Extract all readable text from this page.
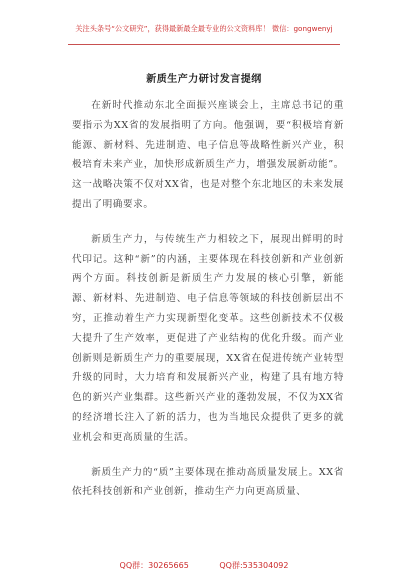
关注头条号“公文研究”，获得最新最全最专业的公文资料库！ 微信：gongwenyj
新质生产力研讨发言提纲

在新时代推动东北全面振兴座谈会上，主席总书记的重要指示为XX省的发展指明了方向。他强调，要“积极培育新能源、新材料、先进制造、电子信息等战略性新兴产业，积极培育未来产业，加快形成新质生产力，增强发展新动能”。这一战略决策不仅对XX省，也是对整个东北地区的未来发展提出了明确要求。

新质生产力，与传统生产力相较之下，展现出鲜明的时代印记。这种“新”的内涵，主要体现在科技创新和产业创新两个方面。科技创新是新质生产力发展的核心引擎，新能源、新材料、先进制造、电子信息等领域的科技创新层出不穷，正推动着生产力实现新型化变革。这些创新技术不仅极大提升了生产效率，更促进了产业结构的优化升级。而产业创新则是新质生产力的重要展现，XX省在促进传统产业转型升级的同时，大力培育和发展新兴产业，构建了具有地方特色的新兴产业集群。这些新兴产业的蓬勃发展，不仅为XX省的经济增长注入了新的活力，也为当地民众提供了更多的就业机会和更高质量的生活。

新质生产力的“质”主要体现在推动高质量发展上。XX省依托科技创新和产业创新，推动生产力向更高质量、

QQ群：30265665	QQ群:535304092
